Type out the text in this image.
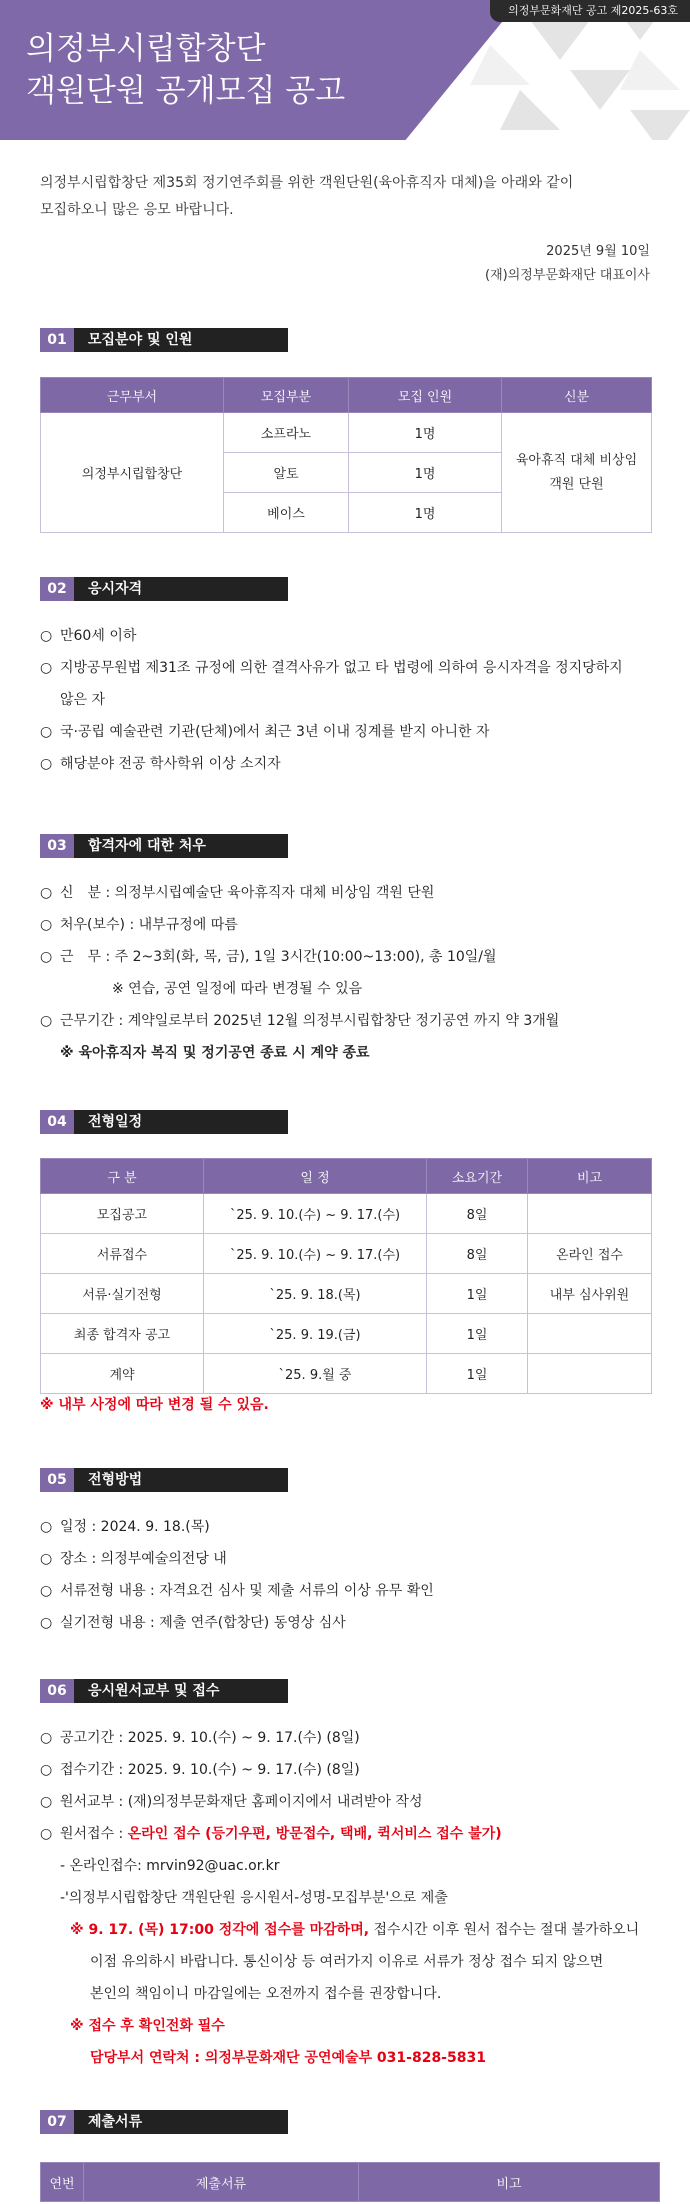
의정부문화재단 공고 제2025-63호
의정부시립합창단
객원단원 공개모집 공고
의정부시립합창단 제35회 정기연주회를 위한 객원단원(육아휴직자 대체)을 아래와 같이
모집하오니 많은 응모 바랍니다.
2025년 9월 10일
(재)의정부문화재단 대표이사
01	모집분야 및 인원
근무부서	모집부분	모집 인원	신분
의정부시립합창단	소프라노	1명	육아휴직 대체 비상임
객원 단원

	알토	1명	
	베이스	1명	
02	응시자격
○ 만60세 이하
○ 지방공무원법 제31조 규정에 의한 결격사유가 없고 타 법령에 의하여 응시자격을 정지당하지
않은 자
○ 국·공립 예술관련 기관(단체)에서 최근 3년 이내 징계를 받지 아니한 자
○ 해당분야 전공 학사학위 이상 소지자
03	합격자에 대한 처우
○ 신　분 : 의정부시립예술단 육아휴직자 대체 비상임 객원 단원
○ 처우(보수) : 내부규정에 따름
○ 근　무 : 주 2~3회(화, 목, 금), 1일 3시간(10:00~13:00), 총 10일/월
※ 연습, 공연 일정에 따라 변경될 수 있음
○ 근무기간 : 계약일로부터 2025년 12월 의정부시립합창단 정기공연 까지 약 3개월
※ 육아휴직자 복직 및 정기공연 종료 시 계약 종료
04	전형일정
구 분	일 정	소요기간	비고
모집공고	`25. 9. 10.(수) ~ 9. 17.(수)	8일	
서류접수	`25. 9. 10.(수) ~ 9. 17.(수)	8일	온라인 접수
서류·실기전형	`25. 9. 18.(목)	1일	내부 심사위원
최종 합격자 공고	`25. 9. 19.(금)	1일	
계약	`25. 9.월 중	1일	
※ 내부 사정에 따라 변경 될 수 있음.
05	전형방법
○ 일정 : 2024. 9. 18.(목)
○ 장소 : 의정부예술의전당 내
○ 서류전형 내용 : 자격요건 심사 및 제출 서류의 이상 유무 확인
○ 실기전형 내용 : 제출 연주(합창단) 동영상 심사
06	응시원서교부 및 접수
○ 공고기간 : 2025. 9. 10.(수) ~ 9. 17.(수) (8일)
○ 접수기간 : 2025. 9. 10.(수) ~ 9. 17.(수) (8일)
○ 원서교부 : (재)의정부문화재단 홈페이지에서 내려받아 작성
○ 원서접수 : 온라인 접수 (등기우편, 방문접수, 택배, 퀵서비스 접수 불가)
- 온라인접수: mrvin92@uac.or.kr
-'의정부시립합창단 객원단원 응시원서-성명-모집부분'으로 제출
※ 9. 17. (목) 17:00 정각에 접수를 마감하며, 접수시간 이후 원서 접수는 절대 불가하오니
이점 유의하시 바랍니다. 통신이상 등 여러가지 이유로 서류가 정상 접수 되지 않으면
본인의 책임이니 마감일에는 오전까지 접수를 권장합니다.
※ 접수 후 확인전화 필수
담당부서 연락처 : 의정부문화재단 공연예술부 031-828-5831
07	제출서류
연번	제출서류	비고
